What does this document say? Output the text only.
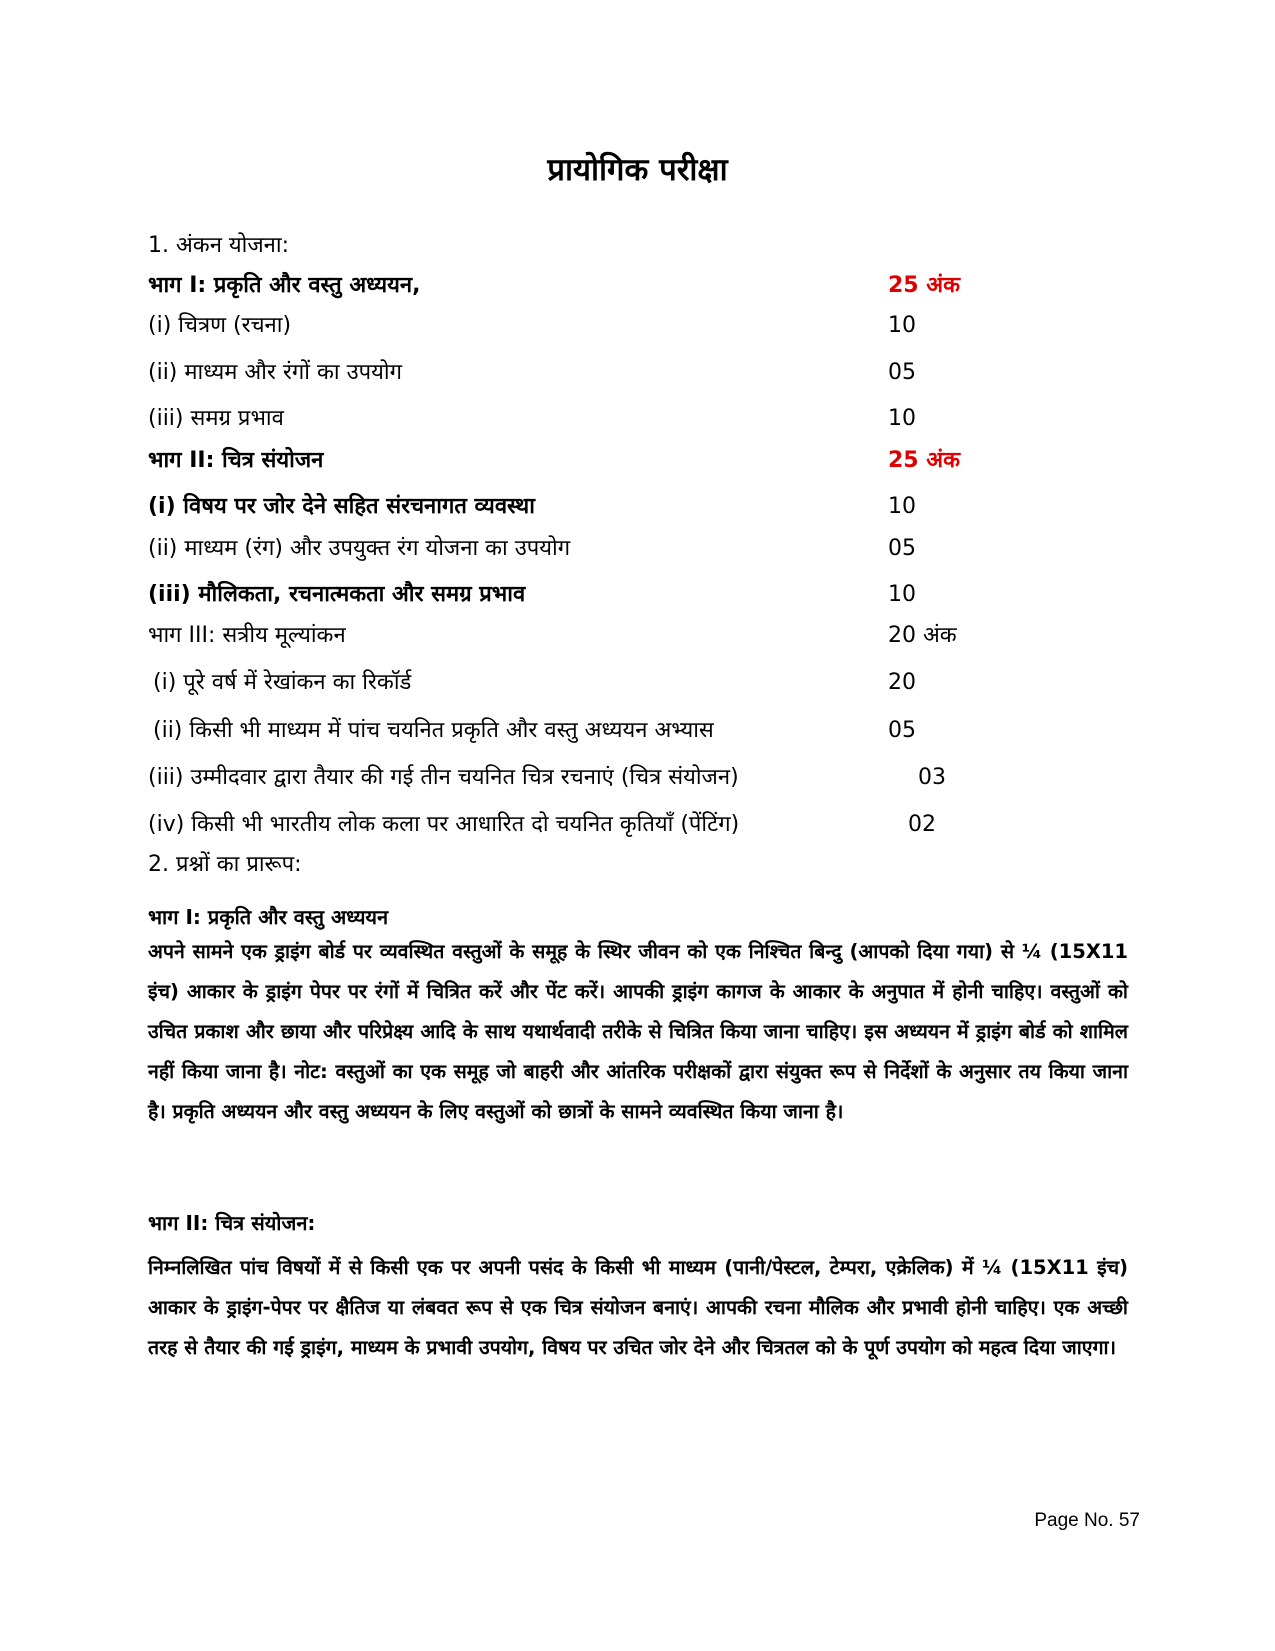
प्रायोगिक परीक्षा
1. अंकन योजना:
भाग I: प्रकृति और वस्तु अध्ययन,	25 अंक
(i) चित्रण (रचना)	10
(ii) माध्यम और रंगों का उपयोग	05
(iii) समग्र प्रभाव	10
भाग II: चित्र संयोजन	25 अंक
(i) विषय पर जोर देने सहित संरचनागत व्यवस्था	10
(ii) माध्यम (रंग) और उपयुक्त रंग योजना का उपयोग	05
(iii) मौलिकता, रचनात्मकता और समग्र प्रभाव	10
भाग III: सत्रीय मूल्यांकन	20 अंक
(i) पूरे वर्ष में रेखांकन का रिकॉर्ड	20
(ii) किसी भी माध्यम में पांच चयनित प्रकृति और वस्तु अध्ययन अभ्यास	05
(iii) उम्मीदवार द्वारा तैयार की गई तीन चयनित चित्र रचनाएं (चित्र संयोजन)	03
(iv) किसी भी भारतीय लोक कला पर आधारित दो चयनित कृतियाँ (पेंटिंग)	02
2. प्रश्नों का प्रारूप:
भाग I: प्रकृति और वस्तु अध्ययन
अपने सामने एक ड्राइंग बोर्ड पर व्यवस्थित वस्तुओं के समूह के स्थिर जीवन को एक निश्चित बिन्दु (आपको दिया गया) से ¼ (15X11 इंच) आकार के ड्राइंग पेपर पर रंगों में चित्रित करें और पेंट करें। आपकी ड्राइंग कागज के आकार के अनुपात में होनी चाहिए। वस्तुओं को उचित प्रकाश और छाया और परिप्रेक्ष्य आदि के साथ यथार्थवादी तरीके से चित्रित किया जाना चाहिए। इस अध्ययन में ड्राइंग बोर्ड को शामिल नहीं किया जाना है। नोट: वस्तुओं का एक समूह जो बाहरी और आंतरिक परीक्षकों द्वारा संयुक्त रूप से निर्देशों के अनुसार तय किया जाना है। प्रकृति अध्ययन और वस्तु अध्ययन के लिए वस्तुओं को छात्रों के सामने व्यवस्थित किया जाना है।
भाग II: चित्र संयोजन:
निम्नलिखित पांच विषयों में से किसी एक पर अपनी पसंद के किसी भी माध्यम (पानी/पेस्टल, टेम्परा, एक्रेलिक) में ¼ (15X11 इंच) आकार के ड्राइंग-पेपर पर क्षैतिज या लंबवत रूप से एक चित्र संयोजन बनाएं। आपकी रचना मौलिक और प्रभावी होनी चाहिए। एक अच्छी तरह से तैयार की गई ड्राइंग, माध्यम के प्रभावी उपयोग, विषय पर उचित जोर देने और चित्रतल को के पूर्ण उपयोग को महत्व दिया जाएगा।
Page No. 57
